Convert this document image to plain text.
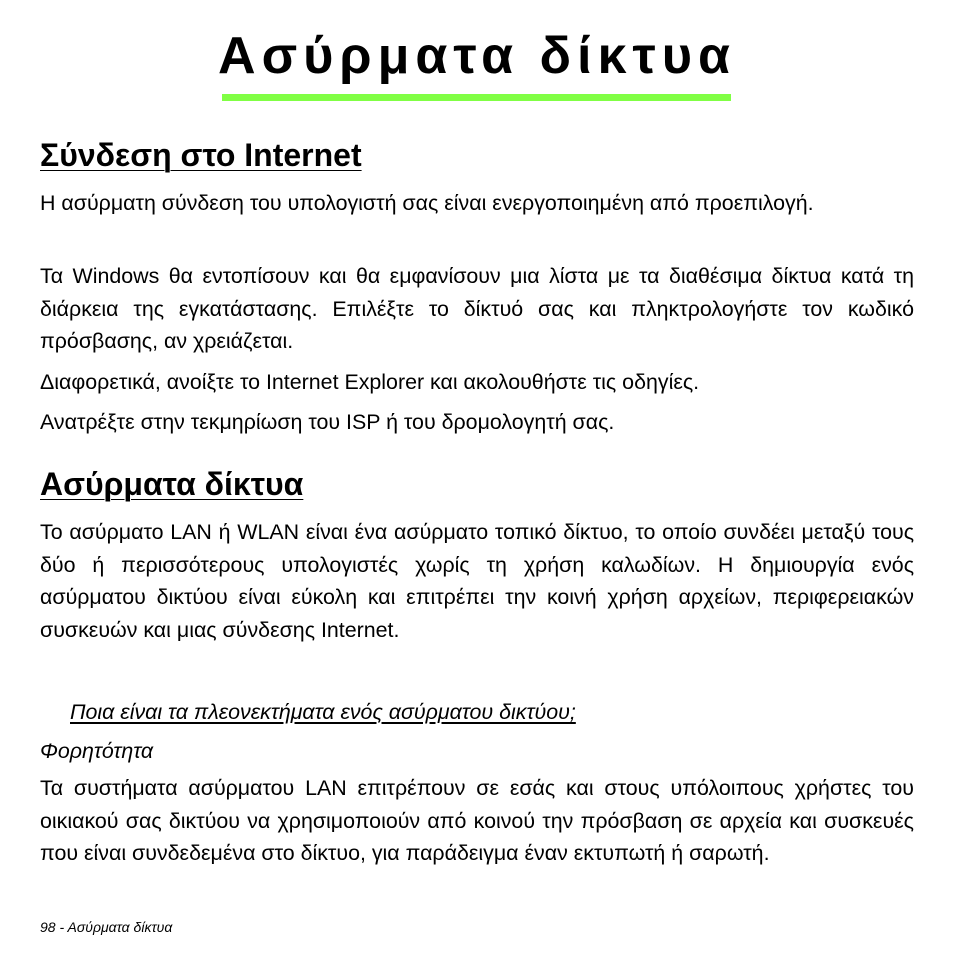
Ασύρματα δίκτυα
Σύνδεση στο Internet
Η ασύρματη σύνδεση του υπολογιστή σας είναι ενεργοποιημένη από προεπιλογή.
Τα Windows θα εντοπίσουν και θα εμφανίσουν μια λίστα με τα διαθέσιμα δίκτυα κατά τη διάρκεια της εγκατάστασης. Επιλέξτε το δίκτυό σας και πληκτρολογήστε τον κωδικό πρόσβασης, αν χρειάζεται.
Διαφορετικά, ανοίξτε το Internet Explorer και ακολουθήστε τις οδηγίες.
Ανατρέξτε στην τεκμηρίωση του ISP ή του δρομολογητή σας.
Ασύρματα δίκτυα
Το ασύρματο LAN ή WLAN είναι ένα ασύρματο τοπικό δίκτυο, το οποίο συνδέει μεταξύ τους δύο ή περισσότερους υπολογιστές χωρίς τη χρήση καλωδίων. Η δημιουργία ενός ασύρματου δικτύου είναι εύκολη και επιτρέπει την κοινή χρήση αρχείων, περιφερειακών συσκευών και μιας σύνδεσης Internet.
Ποια είναι τα πλεονεκτήματα ενός ασύρματου δικτύου;
Φορητότητα
Τα συστήματα ασύρματου LAN επιτρέπουν σε εσάς και στους υπόλοιπους χρήστες του οικιακού σας δικτύου να χρησιμοποιούν από κοινού την πρόσβαση σε αρχεία και συσκευές που είναι συνδεδεμένα στο δίκτυο, για παράδειγμα έναν εκτυπωτή ή σαρωτή.
98 - Ασύρματα δίκτυα
